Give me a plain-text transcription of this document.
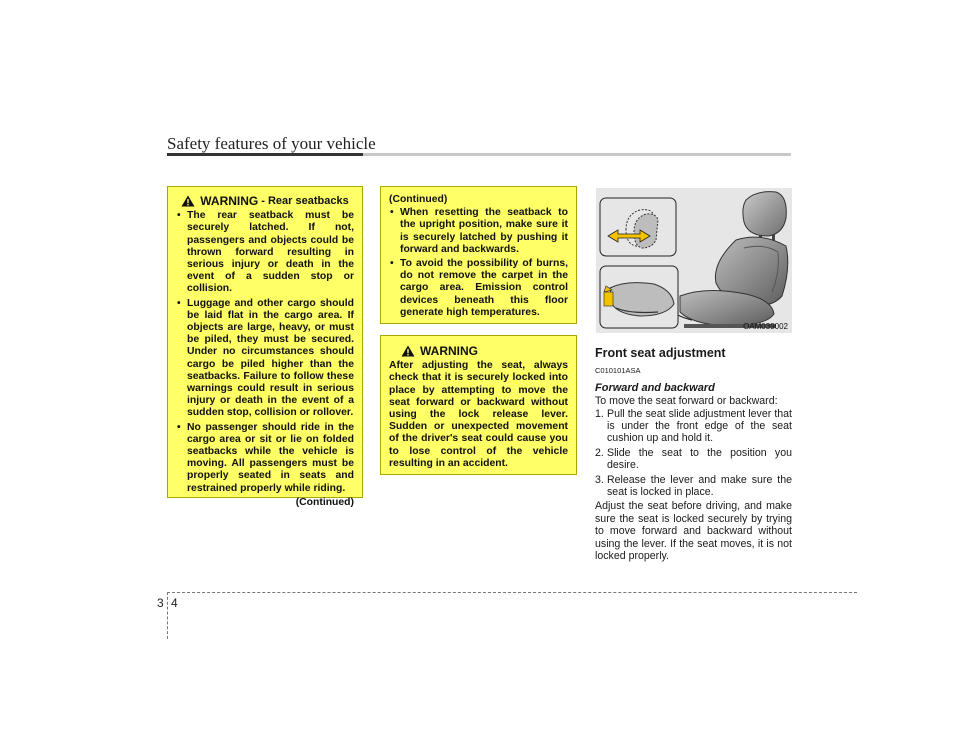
Safety features of your vehicle
WARNING - Rear seatbacks
• The rear seatback must be securely latched. If not, passengers and objects could be thrown forward resulting in serious injury or death in the event of a sudden stop or collision.
• Luggage and other cargo should be laid flat in the cargo area. If objects are large, heavy, or must be piled, they must be secured. Under no circumstances should cargo be piled higher than the seatbacks. Failure to follow these warnings could result in serious injury or death in the event of a sudden stop, collision or rollover.
• No passenger should ride in the cargo area or sit or lie on folded seatbacks while the vehicle is moving. All passengers must be properly seated in seats and restrained properly while riding.
(Continued)
(Continued)
• When resetting the seatback to the upright position, make sure it is securely latched by pushing it forward and backwards.
• To avoid the possibility of burns, do not remove the carpet in the cargo area. Emission control devices beneath this floor generate high temperatures.
WARNING
After adjusting the seat, always check that it is securely locked into place by attempting to move the seat forward or backward without using the lock release lever. Sudden or unexpected movement of the driver's seat could cause you to lose control of the vehicle resulting in an accident.
OAM039002
Front seat adjustment
C010101ASA
Forward and backward
To move the seat forward or backward:
1. Pull the seat slide adjustment lever that is under the front edge of the seat cushion up and hold it.
2. Slide the seat to the position you desire.
3. Release the lever and make sure the seat is locked in place.
Adjust the seat before driving, and make sure the seat is locked securely by trying to move forward and backward without using the lever. If the seat moves, it is not locked properly.
3 4
